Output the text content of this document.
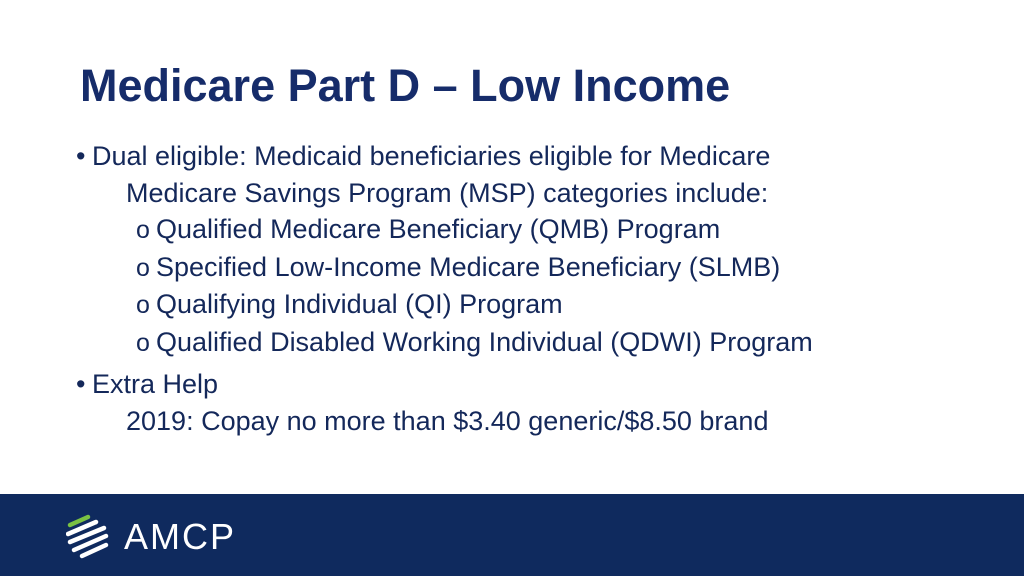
Medicare Part D – Low Income
• Dual eligible: Medicaid beneficiaries eligible for Medicare
Medicare Savings Program (MSP) categories include:
o Qualified Medicare Beneficiary (QMB) Program
o Specified Low-Income Medicare Beneficiary (SLMB)
o Qualifying Individual (QI) Program
o Qualified Disabled Working Individual (QDWI) Program
• Extra Help
2019: Copay no more than $3.40 generic/$8.50 brand
AMCP
